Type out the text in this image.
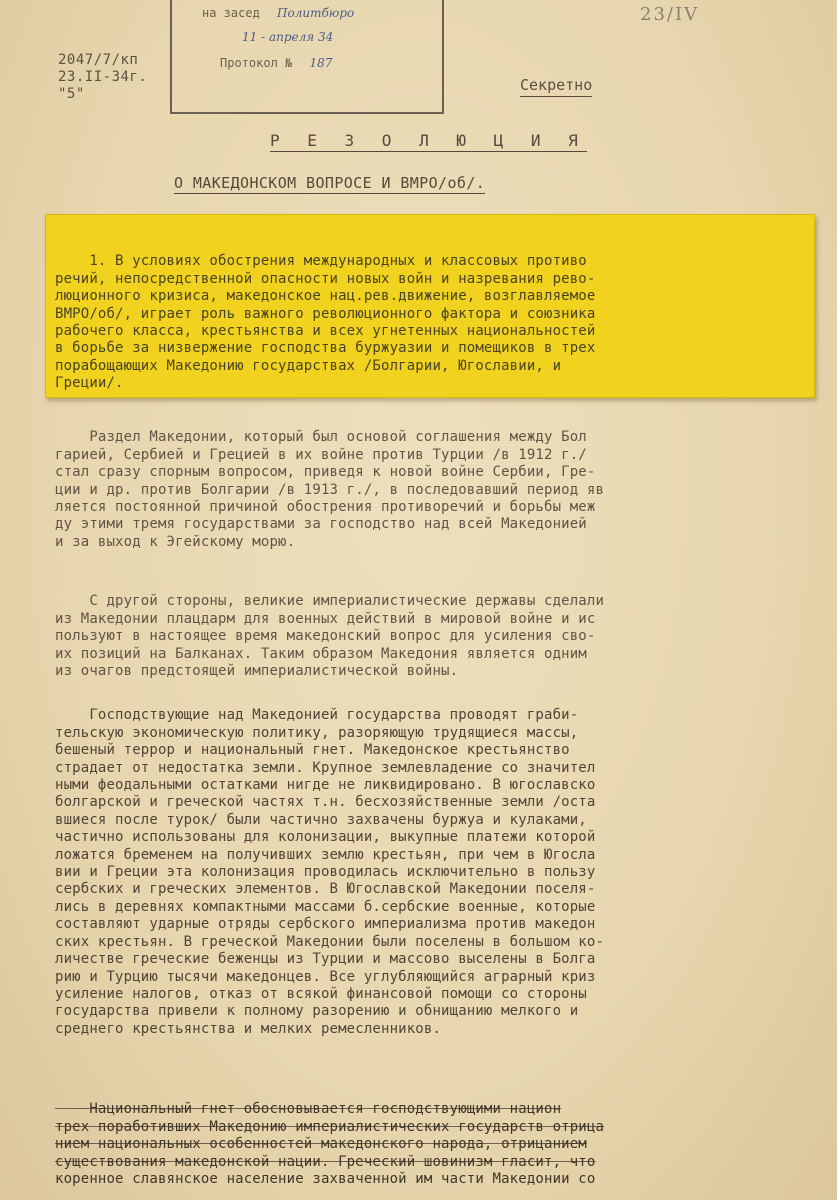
2047/7/кп
23.II-34г.
"5"
на засед Политбюро
11 - апреля 34
Протокол № 187
23/IV
Секретно
Р Е З О Л Ю Ц И Я
О МАКЕДОНСКОМ ВОПРОСЕ И ВМРО/об/.

1. В условиях обострения международных и классовых противо
речий, непосредственной опасности новых войн и назревания рево-
люционного кризиса, македонское нац.рев.движение, возглавляемое
ВМРО/об/, играет роль важного революционного фактора и союзника
рабочего класса, крестьянства и всех угнетенных национальностей
в борьбе за низвержение господства буржуазии и помещиков в трех
порабощающих Македонию государствах /Болгарии, Югославии, и
Греции/.

Раздел Македонии, который был основой соглашения между Бол
гарией, Сербией и Грецией в их войне против Турции /в 1912 г./
стал сразу спорным вопросом, приведя к новой войне Сербии, Гре-
ции и др. против Болгарии /в 1913 г./, в последовавший период яв
ляется постоянной причиной обострения противоречий и борьбы меж
ду этими тремя государствами за господство над всей Македонией
и за выход к Эгейскому морю.

С другой стороны, великие империалистические державы сделали
из Македонии плацдарм для военных действий в мировой войне и ис
пользуют в настоящее время македонский вопрос для усиления сво-
их позиций на Балканах. Таким образом Македония является одним
из очагов предстоящей империалистической войны.

Господствующие над Македонией государства проводят граби-
тельскую экономическую политику, разоряющую трудящиеся массы,
бешеный террор и национальный гнет. Македонское крестьянство
страдает от недостатка земли. Крупное землевладение со значител
ными феодальными остатками нигде не ликвидировано. В югославско
болгарской и греческой частях т.н. бесхозяйственные земли /оста
вшиеся после турок/ были частично захвачены буржуа и кулаками,
частично использованы для колонизации, выкупные платежи которой
ложатся бременем на получивших землю крестьян, при чем в Югосла
вии и Греции эта колонизация проводилась исключительно в пользу
сербских и греческих элементов. В Югославской Македонии поселя-
лись в деревнях компактными массами б.сербские военные, которые
составляют ударные отряды сербского империализма против македон
ских крестьян. В греческой Македонии были поселены в большом ко-
личестве греческие беженцы из Турции и массово выселены в Болга
рию и Турцию тысячи македонцев. Все углубляющийся аграрный криз
усиление налогов, отказ от всякой финансовой помощи со стороны
государства привели к полному разорению и обнищанию мелкого и
среднего крестьянства и мелких ремесленников.

Национальный гнет обосновывается господствующими национ
трех поработивших Македонию империалистических государств отрица
нием национальных особенностей македонского народа, отрицанием
существования македонской нации. Греческий шовинизм гласит, что
коренное славянское население захваченной им части Македонии со
